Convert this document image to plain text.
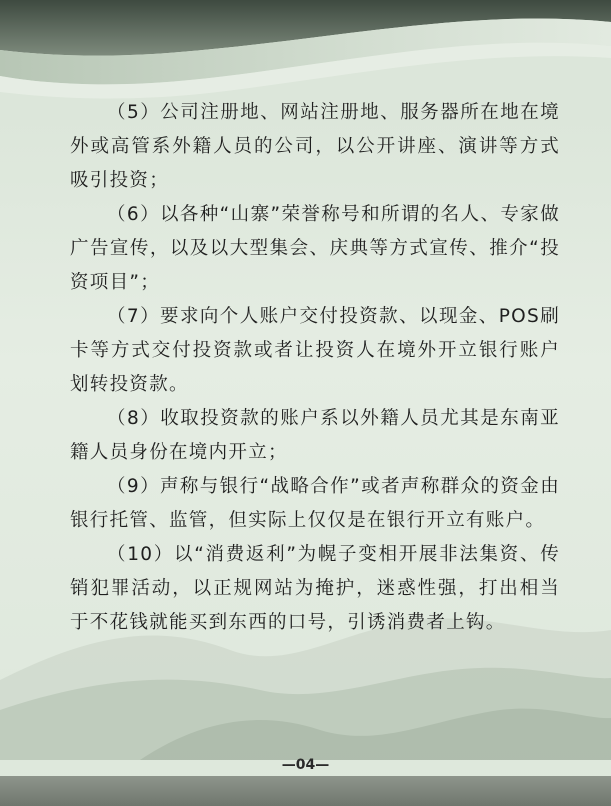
（5）公司注册地、网站注册地、服务器所在地在境外或高管系外籍人员的公司，以公开讲座、演讲等方式吸引投资；

（6）以各种“山寨”荣誉称号和所谓的名人、专家做广告宣传，以及以大型集会、庆典等方式宣传、推介“投资项目”；

（7）要求向个人账户交付投资款、以现金、POS刷卡等方式交付投资款或者让投资人在境外开立银行账户划转投资款。

（8）收取投资款的账户系以外籍人员尤其是东南亚籍人员身份在境内开立；

（9）声称与银行“战略合作”或者声称群众的资金由银行托管、监管，但实际上仅仅是在银行开立有账户。

（10）以“消费返利”为幌子变相开展非法集资、传销犯罪活动，以正规网站为掩护，迷惑性强，打出相当于不花钱就能买到东西的口号，引诱消费者上钩。

—04—
